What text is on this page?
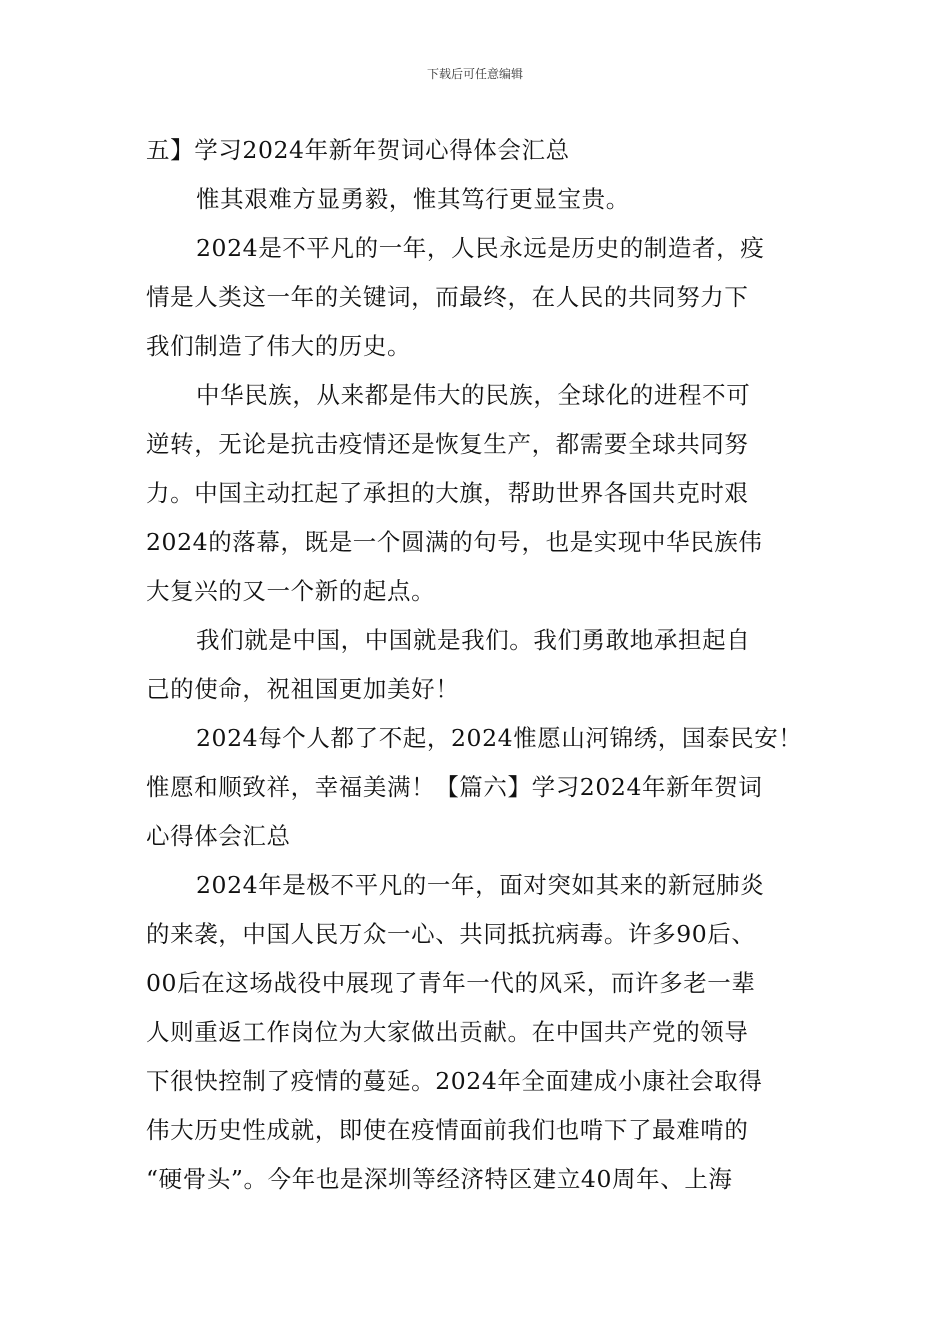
下载后可任意编辑
五】学习2024年新年贺词心得体会汇总
惟其艰难方显勇毅，惟其笃行更显宝贵。
2024是不平凡的一年，人民永远是历史的制造者，疫
情是人类这一年的关键词，而最终，在人民的共同努力下
我们制造了伟大的历史。
中华民族，从来都是伟大的民族，全球化的进程不可
逆转，无论是抗击疫情还是恢复生产，都需要全球共同努
力。中国主动扛起了承担的大旗，帮助世界各国共克时艰
2024的落幕，既是一个圆满的句号，也是实现中华民族伟
大复兴的又一个新的起点。
我们就是中国，中国就是我们。我们勇敢地承担起自
己的使命，祝祖国更加美好！
2024每个人都了不起，2024惟愿山河锦绣，国泰民安！
惟愿和顺致祥，幸福美满！【篇六】学习2024年新年贺词
心得体会汇总
2024年是极不平凡的一年，面对突如其来的新冠肺炎
的来袭，中国人民万众一心、共同抵抗病毒。许多90后、
00后在这场战役中展现了青年一代的风采，而许多老一辈
人则重返工作岗位为大家做出贡献。在中国共产党的领导
下很快控制了疫情的蔓延。2024年全面建成小康社会取得
伟大历史性成就，即使在疫情面前我们也啃下了最难啃的
“硬骨头”。今年也是深圳等经济特区建立40周年、上海
